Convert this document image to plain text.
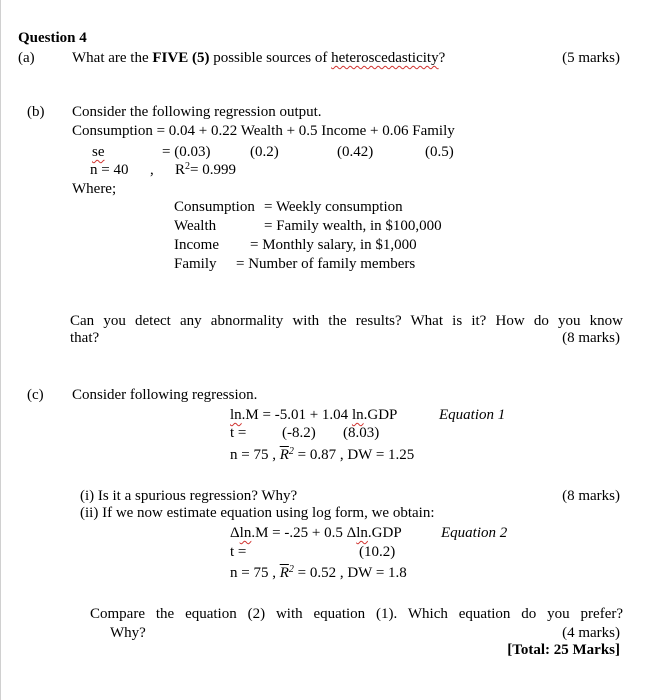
Question 4
(a) What are the FIVE (5) possible sources of heteroscedasticity?	(5 marks)
(b) Consider the following regression output.
Consumption = 0.04 + 0.22 Wealth + 0.5 Income + 0.06 Family
se	= (0.03)	(0.2)	(0.42)	(0.5)
n = 40 , $R^2= 0.999$
Where;
Consumption = Weekly consumption
Wealth	= Family wealth, in $100,000
Income = Monthly salary, in $1,000
Family = Number of family members
Can you detect any abnormality with the results? What is it? How do you know
that?	(8 marks)
(c) Consider following regression.
ln.M = -5.01 + 1.04 ln.GDP	Equation 1
t = (-8.2) (8.03)
n = 75 , $\overline{R}^2 = 0.87$ , DW = 1.25
(i) Is it a spurious regression? Why?	(8 marks)
(ii) If we now estimate equation using log form, we obtain:
Δln.M = -.25 + 0.5 Δln.GDP	Equation 2
t =	(10.2)
n = 75 , $\overline{R}^2 = 0.52$ , DW = 1.8
Compare the equation (2) with equation (1). Which equation do you prefer?
Why?	(4 marks)
[Total: 25 Marks]
